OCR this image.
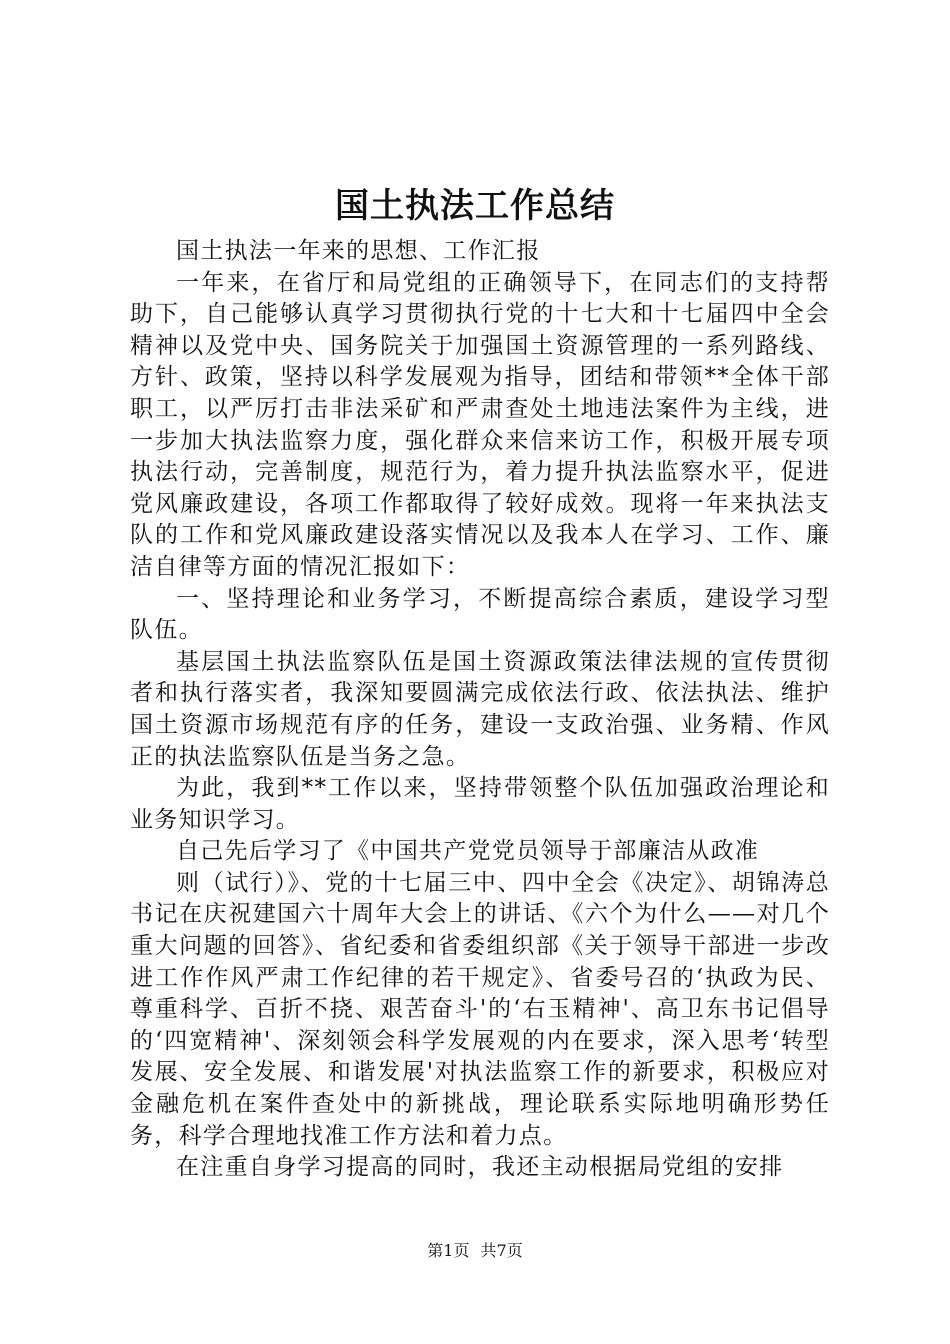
国土执法工作总结

国土执法一年来的思想、工作汇报

一年来，在省厅和局党组的正确领导下，在同志们的支持帮助下，自己能够认真学习贯彻执行党的十七大和十七届四中全会精神以及党中央、国务院关于加强国土资源管理的一系列路线、方针、政策，坚持以科学发展观为指导，团结和带领**全体干部职工，以严厉打击非法采矿和严肃查处土地违法案件为主线，进一步加大执法监察力度，强化群众来信来访工作，积极开展专项执法行动，完善制度，规范行为，着力提升执法监察水平，促进党风廉政建设，各项工作都取得了较好成效。现将一年来执法支队的工作和党风廉政建设落实情况以及我本人在学习、工作、廉洁自律等方面的情况汇报如下：

一、坚持理论和业务学习，不断提高综合素质，建设学习型队伍。

基层国土执法监察队伍是国土资源政策法律法规的宣传贯彻者和执行落实者，我深知要圆满完成依法行政、依法执法、维护国土资源市场规范有序的任务，建设一支政治强、业务精、作风正的执法监察队伍是当务之急。

为此，我到**工作以来，坚持带领整个队伍加强政治理论和业务知识学习。

自己先后学习了《中国共产党党员领导于部廉洁从政准

则（试行）》、党的十七届三中、四中全会《决定》、胡锦涛总书记在庆祝建国六十周年大会上的讲话、《六个为什么——对几个重大问题的回答》、省纪委和省委组织部《关于领导干部进一步改进工作作风严肃工作纪律的若干规定》、省委号召的‘执政为民、尊重科学、百折不挠、艰苦奋斗'的‘右玉精神'、高卫东书记倡导的‘四宽精神'、深刻领会科学发展观的内在要求，深入思考‘转型发展、安全发展、和谐发展'对执法监察工作的新要求，积极应对金融危机在案件查处中的新挑战，理论联系实际地明确形势任务，科学合理地找准工作方法和着力点。

在注重自身学习提高的同时，我还主动根据局党组的安排

第1页 共7页
